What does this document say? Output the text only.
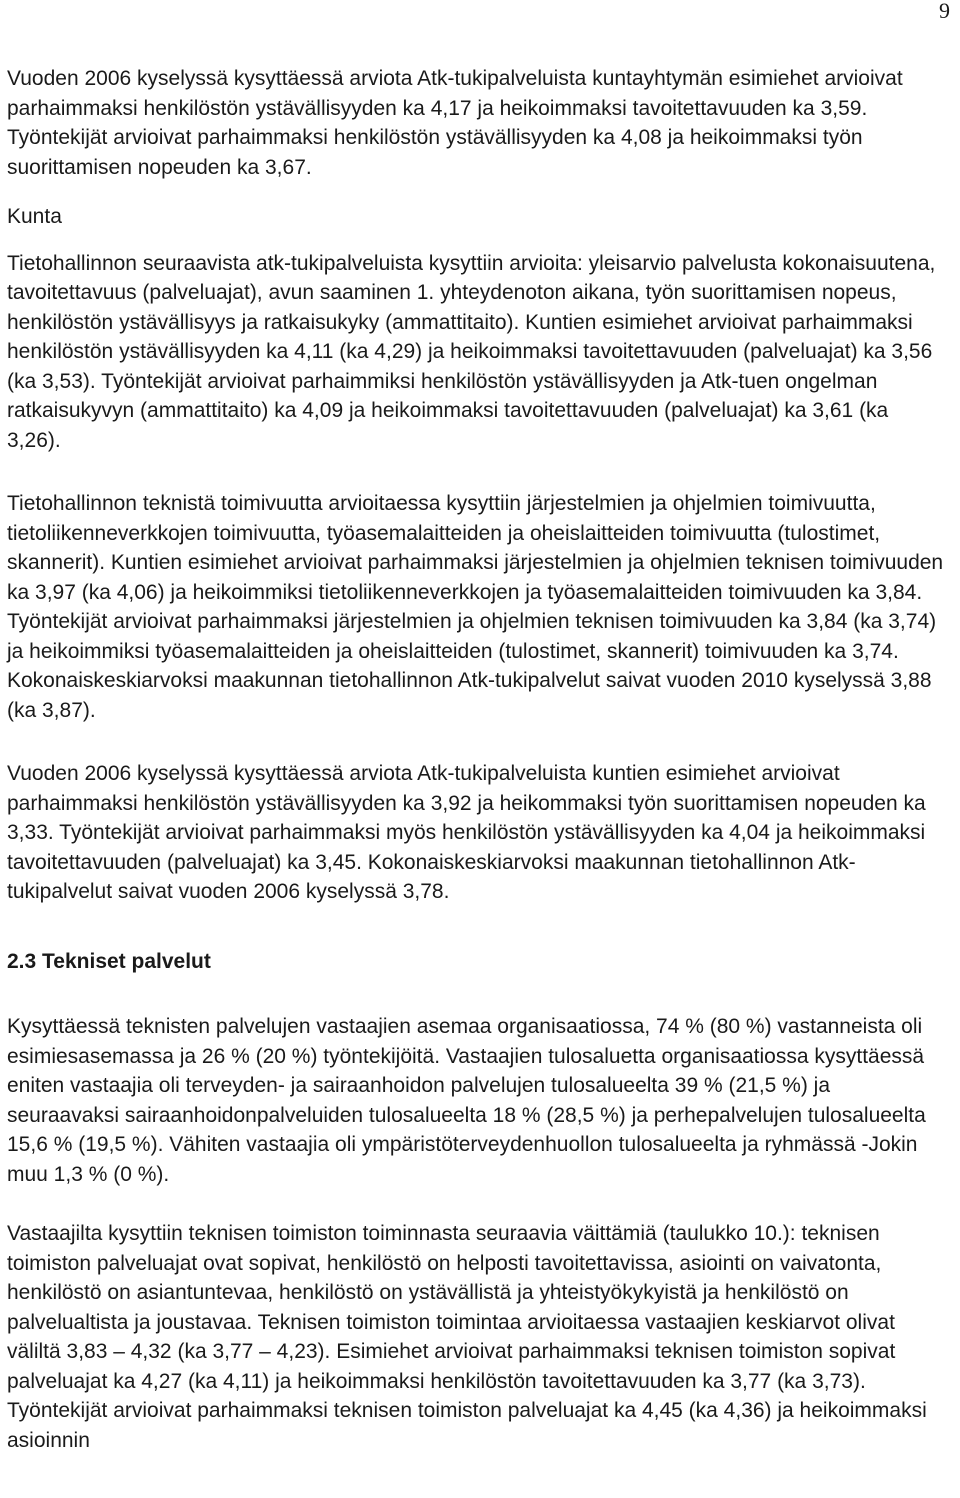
9

Vuoden 2006 kyselyssä kysyttäessä arviota Atk-tukipalveluista kuntayhtymän esimiehet arvioivat parhaimmaksi henkilöstön ystävällisyyden ka 4,17 ja heikoimmaksi tavoitettavuuden ka 3,59. Työntekijät arvioivat parhaimmaksi henkilöstön ystävällisyyden ka 4,08 ja heikoimmaksi työn suorittamisen nopeuden ka 3,67.

Kunta

Tietohallinnon seuraavista atk-tukipalveluista kysyttiin arvioita: yleisarvio palvelusta kokonaisuutena, tavoitettavuus (palveluajat), avun saaminen 1. yhteydenoton aikana, työn suorittamisen nopeus, henkilöstön ystävällisyys ja ratkaisukyky (ammattitaito). Kuntien esimiehet arvioivat parhaimmaksi henkilöstön ystävällisyyden ka 4,11 (ka 4,29) ja heikoimmaksi tavoitettavuuden (palveluajat) ka 3,56 (ka 3,53). Työntekijät arvioivat parhaimmiksi henkilöstön ystävällisyyden ja Atk-tuen ongelman ratkaisukyvyn (ammattitaito) ka 4,09 ja heikoimmaksi tavoitettavuuden (palveluajat) ka 3,61 (ka 3,26).

Tietohallinnon teknistä toimivuutta arvioitaessa kysyttiin järjestelmien ja ohjelmien toimivuutta, tietoliikenneverkkojen toimivuutta, työasemalaitteiden ja oheislaitteiden toimivuutta (tulostimet, skannerit). Kuntien esimiehet arvioivat parhaimmaksi järjestelmien ja ohjelmien teknisen toimivuuden ka 3,97 (ka 4,06) ja heikoimmiksi tietoliikenneverkkojen ja työasemalaitteiden toimivuuden ka 3,84. Työntekijät arvioivat parhaimmaksi järjestelmien ja ohjelmien teknisen toimivuuden ka 3,84 (ka 3,74) ja heikoimmiksi työasemalaitteiden ja oheislaitteiden (tulostimet, skannerit) toimivuuden ka 3,74. Kokonaiskeskiarvoksi maakunnan tietohallinnon Atk-tukipalvelut saivat vuoden 2010 kyselyssä 3,88 (ka 3,87).

Vuoden 2006 kyselyssä kysyttäessä arviota Atk-tukipalveluista kuntien esimiehet arvioivat parhaimmaksi henkilöstön ystävällisyyden ka 3,92 ja heikommaksi työn suorittamisen nopeuden ka 3,33. Työntekijät arvioivat parhaimmaksi myös henkilöstön ystävällisyyden ka 4,04 ja heikoimmaksi tavoitettavuuden (palveluajat) ka 3,45. Kokonaiskeskiarvoksi maakunnan tietohallinnon Atk-tukipalvelut saivat vuoden 2006 kyselyssä 3,78.

2.3 Tekniset palvelut

Kysyttäessä teknisten palvelujen vastaajien asemaa organisaatiossa, 74 % (80 %) vastanneista oli esimiesasemassa ja 26 % (20 %) työntekijöitä. Vastaajien tulosaluetta organisaatiossa kysyttäessä eniten vastaajia oli terveyden- ja sairaanhoidon palvelujen tulosalueelta 39 % (21,5 %) ja seuraavaksi sairaanhoidonpalveluiden tulosalueelta 18 % (28,5 %) ja perhepalvelujen tulosalueelta 15,6 % (19,5 %). Vähiten vastaajia oli ympäristöterveydenhuollon tulosalueelta ja ryhmässä -Jokin muu 1,3 % (0 %).

Vastaajilta kysyttiin teknisen toimiston toiminnasta seuraavia väittämiä (taulukko 10.): teknisen toimiston palveluajat ovat sopivat, henkilöstö on helposti tavoitettavissa, asiointi on vaivatonta, henkilöstö on asiantuntevaa, henkilöstö on ystävällistä ja yhteistyökykyistä ja henkilöstö on palvelualtista ja joustavaa. Teknisen toimiston toimintaa arvioitaessa vastaajien keskiarvot olivat väliltä 3,83 – 4,32 (ka 3,77 – 4,23). Esimiehet arvioivat parhaimmaksi teknisen toimiston sopivat palveluajat ka 4,27 (ka 4,11) ja heikoimmaksi henkilöstön tavoitettavuuden ka 3,77 (ka 3,73). Työntekijät arvioivat parhaimmaksi teknisen toimiston palveluajat ka 4,45 (ka 4,36) ja heikoimmaksi asioinnin
